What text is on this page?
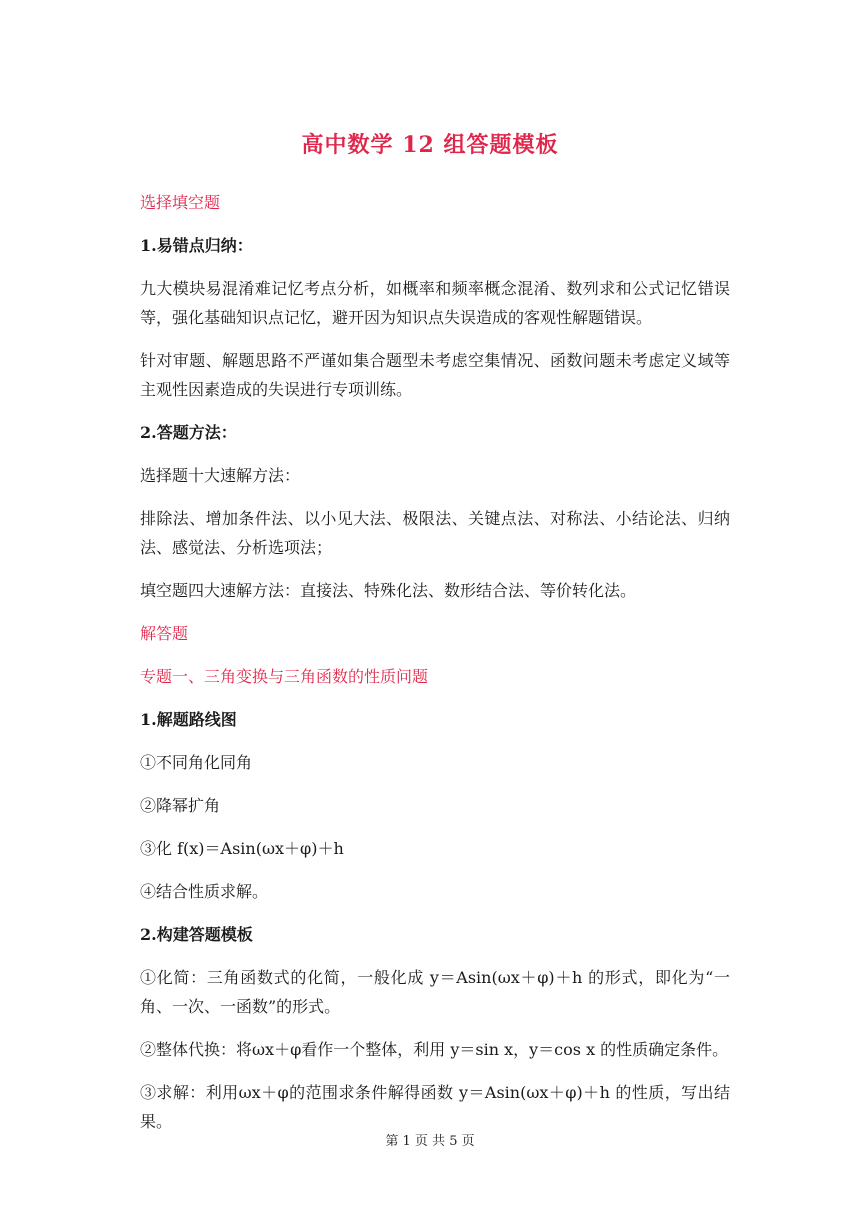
高中数学 12 组答题模板

选择填空题

1.易错点归纳：

九大模块易混淆难记忆考点分析，如概率和频率概念混淆、数列求和公式记忆错误等，强化基础知识点记忆，避开因为知识点失误造成的客观性解题错误。

针对审题、解题思路不严谨如集合题型未考虑空集情况、函数问题未考虑定义域等主观性因素造成的失误进行专项训练。

2.答题方法：

选择题十大速解方法：

排除法、增加条件法、以小见大法、极限法、关键点法、对称法、小结论法、归纳法、感觉法、分析选项法；

填空题四大速解方法：直接法、特殊化法、数形结合法、等价转化法。

解答题

专题一、三角变换与三角函数的性质问题

1.解题路线图

①不同角化同角

②降幂扩角

③化 f(x)＝Asin(ωx＋φ)＋h

④结合性质求解。

2.构建答题模板

①化简：三角函数式的化简，一般化成 y＝Asin(ωx＋φ)＋h 的形式，即化为“一角、一次、一函数”的形式。

②整体代换：将ωx＋φ看作一个整体，利用 y＝sin x，y＝cos x 的性质确定条件。

③求解：利用ωx＋φ的范围求条件解得函数 y＝Asin(ωx＋φ)＋h 的性质，写出结果。

第 1 页 共 5 页
